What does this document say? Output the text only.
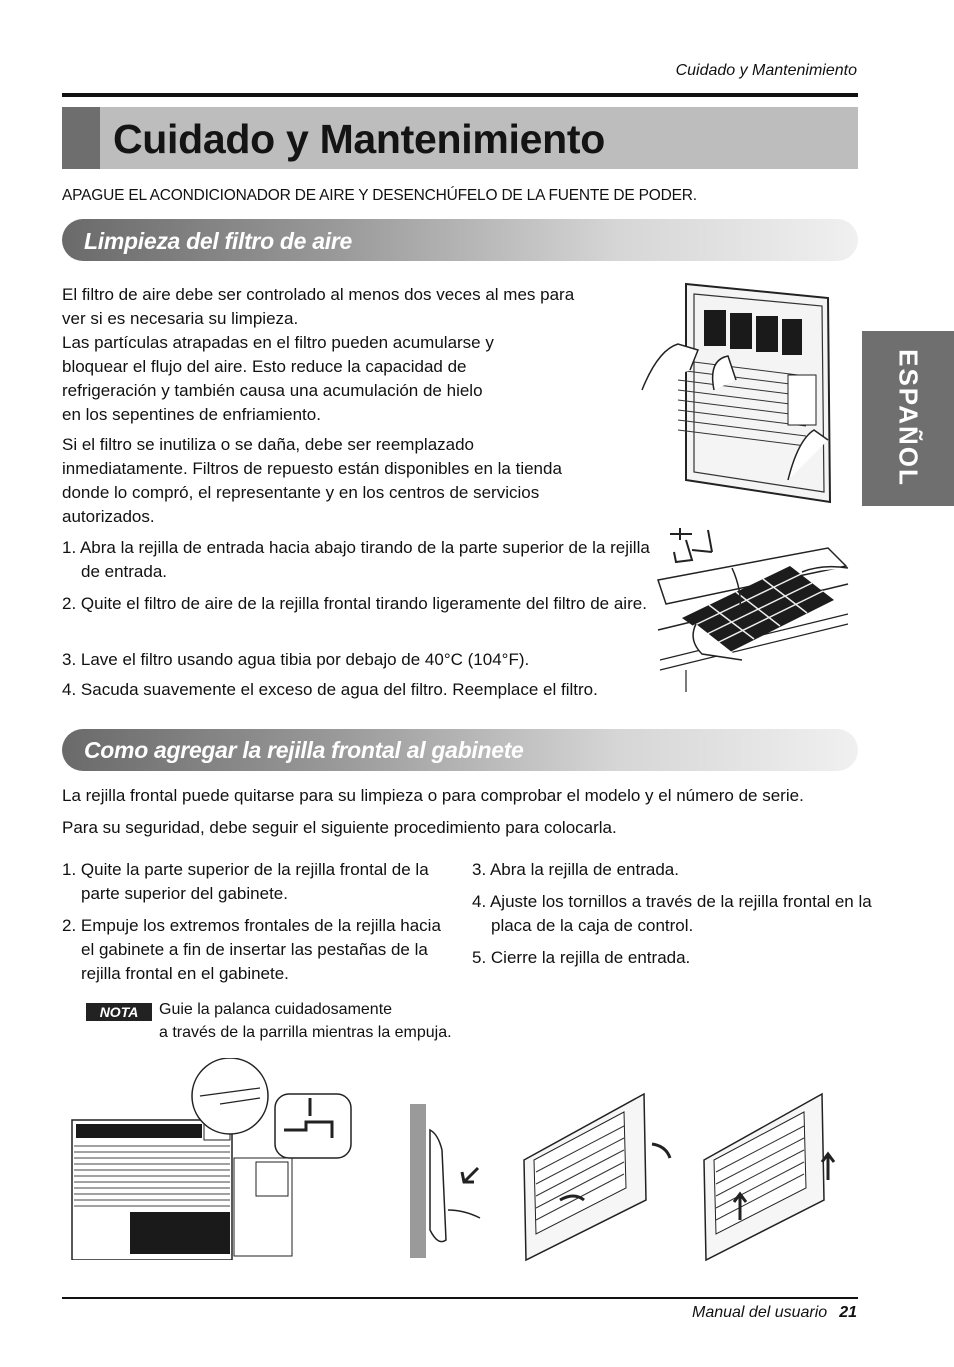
Cuidado y Mantenimiento
Cuidado y Mantenimiento
APAGUE EL ACONDICIONADOR DE AIRE Y DESENCHÚFELO DE LA FUENTE DE PODER.
ESPAÑOL
Limpieza del filtro de aire

El filtro de aire debe ser controlado al menos dos veces al mes para

ver si es necesaria su limpieza.

Las partículas atrapadas en el filtro pueden acumularse y

bloquear el flujo del aire. Esto reduce la capacidad de

refrigeración y también causa una acumulación de hielo

en los sepentines de enfriamiento.

Si el filtro se inutiliza o se daña, debe ser reemplazado

inmediatamente. Filtros de repuesto están disponibles en la tienda

donde lo compró, el representante y en los centros de servicios

autorizados.

1. Abra la rejilla de entrada hacia abajo tirando de la parte superior de la rejilla de entrada.
2. Quite el filtro de aire de la rejilla frontal tirando ligeramente del filtro de aire.
3. Lave el filtro usando agua tibia por debajo de 40°C (104°F).
4. Sacuda suavemente el exceso de agua del filtro. Reemplace el filtro.
Como agregar la rejilla frontal al gabinete
La rejilla frontal puede quitarse para su limpieza o para comprobar el modelo y el número de serie.
Para su seguridad, debe seguir el siguiente procedimiento para colocarla.
1. Quite la parte superior de la rejilla frontal de la parte superior del gabinete.
2. Empuje los extremos frontales de la rejilla hacia el gabinete a fin de insertar las pestañas de la rejilla frontal en el gabinete.
3. Abra la rejilla de entrada.
4. Ajuste los tornillos a través de la rejilla frontal en la placa de la caja de control.
5. Cierre la rejilla de entrada.
NOTA	Guie la palanca cuidadosamente
a través de la parrilla mientras la empuja.
Manual del usuario 21
